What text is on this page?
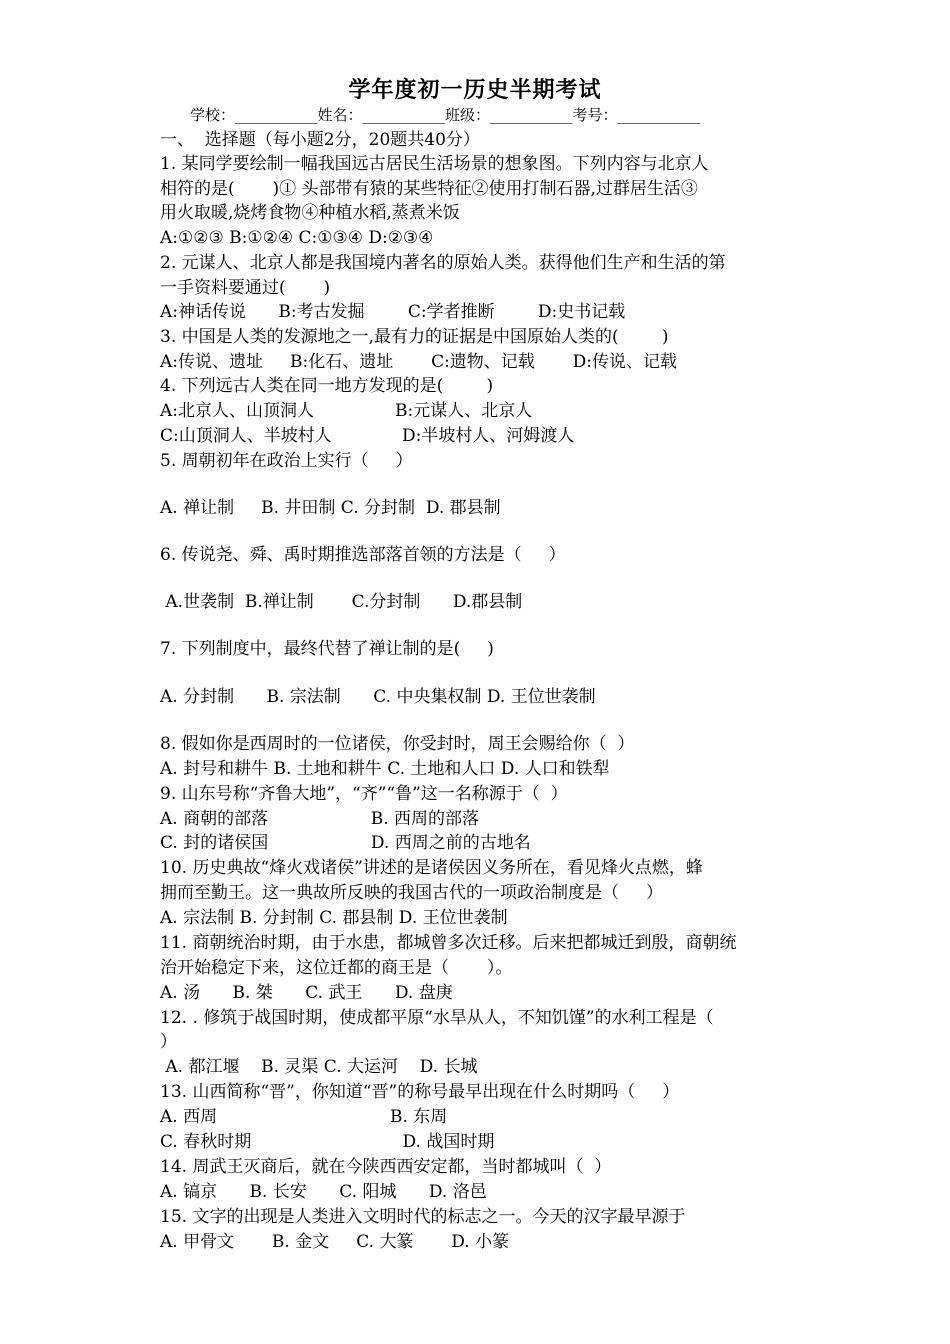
学年度初一历史半期考试
学校：___________姓名：___________班级：___________考号：___________
一、  选择题（每小题2分，20题共40分）
1. 某同学要绘制一幅我国远古居民生活场景的想象图。下列内容与北京人
相符的是(       )① 头部带有猿的某些特征②使用打制石器,过群居生活③
用火取暖,烧烤食物④种植水稻,蒸煮米饭
A:①②③ B:①②④ C:①③④ D:②③④
2. 元谋人、北京人都是我国境内著名的原始人类。获得他们生产和生活的第
一手资料要通过(       )
A:神话传说      B:考古发掘        C:学者推断        D:史书记载
3. 中国是人类的发源地之一,最有力的证据是中国原始人类的(        )
A:传说、遗址     B:化石、遗址       C:遗物、记载       D:传说、记载
4. 下列远古人类在同一地方发现的是(        )
A:北京人、山顶洞人               B:元谋人、北京人
C:山顶洞人、半坡村人             D:半坡村人、河姆渡人
5. 周朝初年在政治上实行（     ）
A. 禅让制     B. 井田制 C. 分封制  D. 郡县制
6. 传说尧、舜、禹时期推选部落首领的方法是（     ）
A.世袭制  B.禅让制       C.分封制      D.郡县制
7. 下列制度中，最终代替了禅让制的是(     )
A. 分封制      B. 宗法制      C. 中央集权制 D. 王位世袭制
8. 假如你是西周时的一位诸侯，你受封时，周王会赐给你（  ）
A. 封号和耕牛 B. 土地和耕牛 C. 土地和人口 D. 人口和铁犁
9. 山东号称“齐鲁大地”，“齐”“鲁”这一名称源于（  ）
A. 商朝的部落                   B. 西周的部落
C. 封的诸侯国                   D. 西周之前的古地名
10. 历史典故“烽火戏诸侯”讲述的是诸侯因义务所在，看见烽火点燃，蜂
拥而至勤王。这一典故所反映的我国古代的一项政治制度是（     ）
A. 宗法制 B. 分封制 C. 郡县制 D. 王位世袭制
11. 商朝统治时期，由于水患，都城曾多次迁移。后来把都城迁到殷，商朝统
治开始稳定下来，这位迁都的商王是（       ）。
A. 汤      B. 桀      C. 武王      D. 盘庚
12. . 修筑于战国时期，使成都平原“水旱从人，不知饥馑”的水利工程是（
）
A. 都江堰    B. 灵渠 C. 大运河    D. 长城
13. 山西简称“晋”，你知道“晋”的称号最早出现在什么时期吗（     ）
A. 西周                                B. 东周
C. 春秋时期                            D. 战国时期
14. 周武王灭商后，就在今陕西西安定都，当时都城叫（  ）
A. 镐京      B. 长安      C. 阳城      D. 洛邑
15. 文字的出现是人类进入文明时代的标志之一。今天的汉字最早源于
A. 甲骨文       B. 金文     C. 大篆       D. 小篆
